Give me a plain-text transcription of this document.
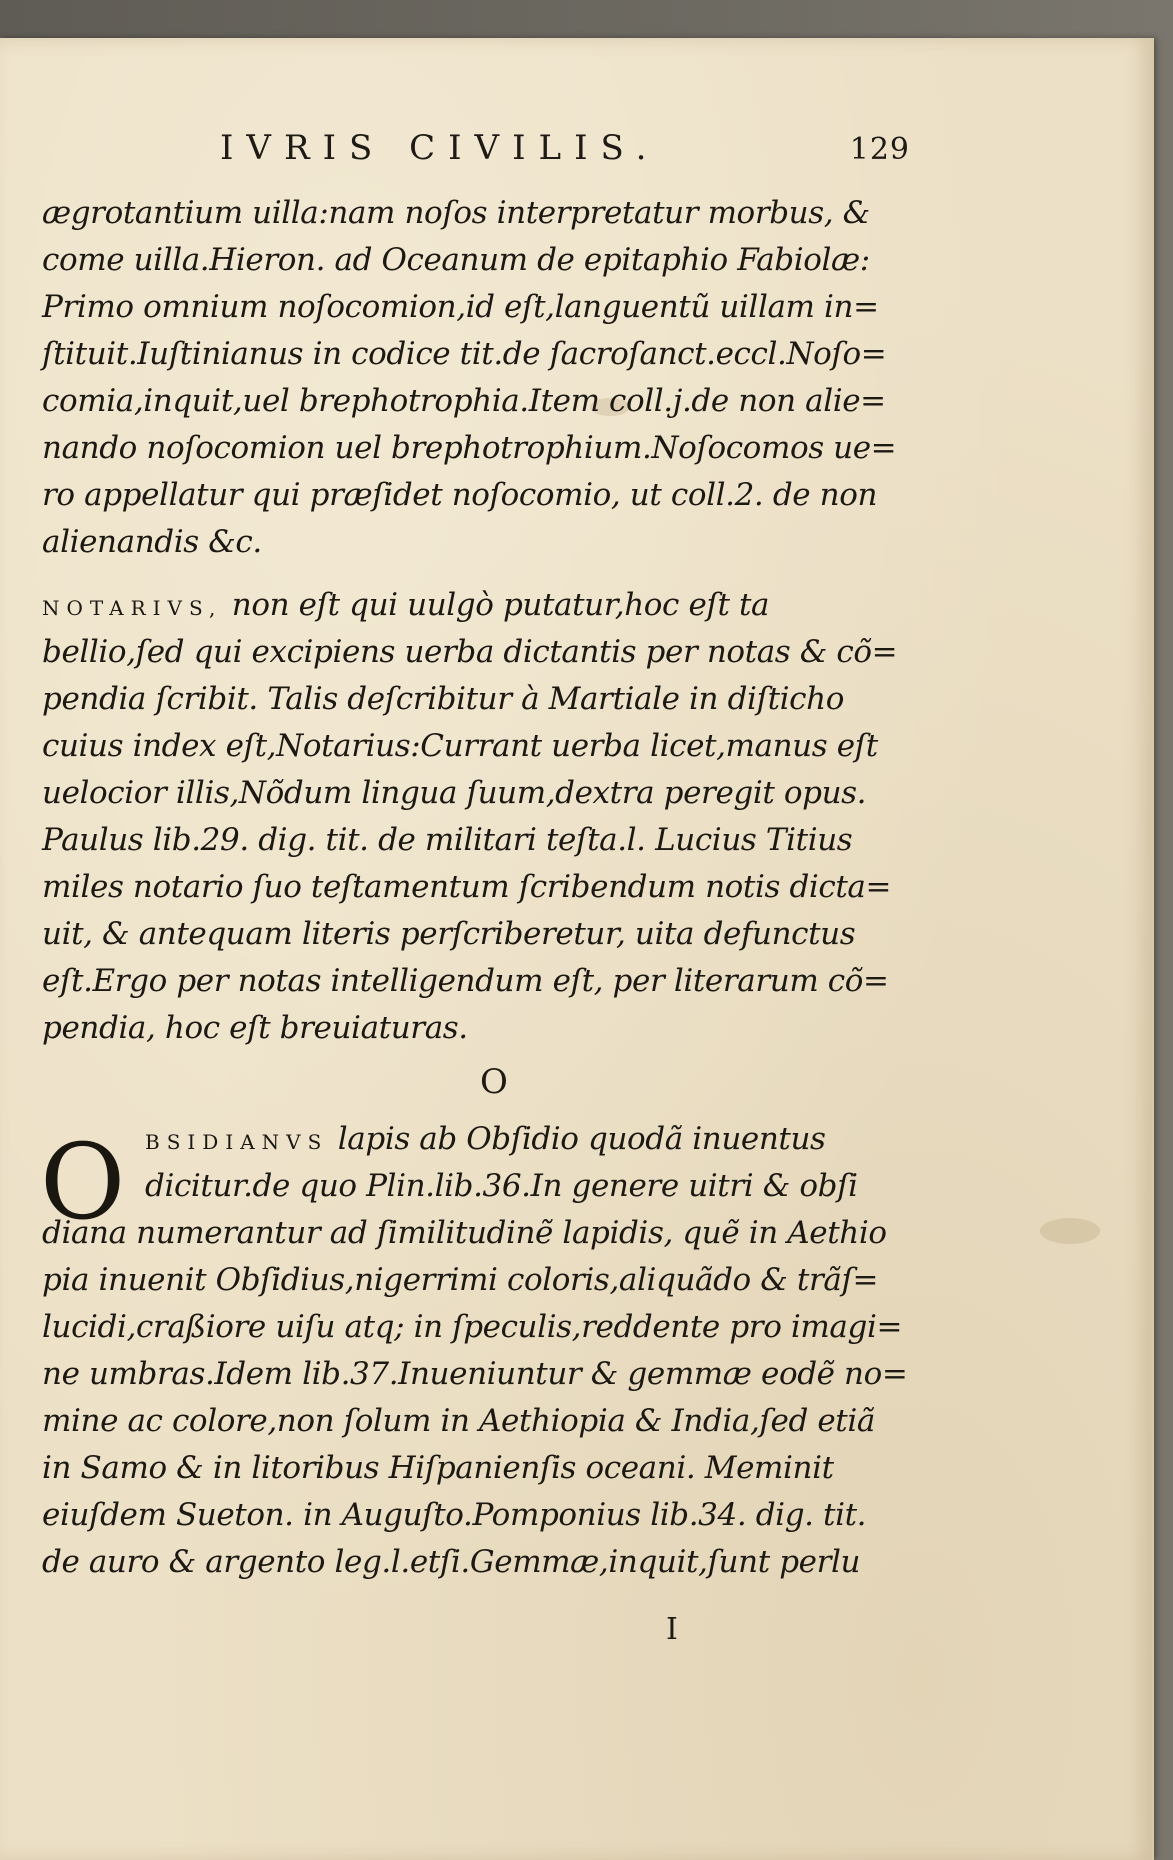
IVRIS CIVILIS.	129
ægrotantium uilla:nam noſos interpretatur morbus, &
come uilla.Hieron. ad Oceanum de epitaphio Fabiolæ:
Primo omnium noſocomion,id eſt,languentũ uillam in=
ſtituit.Iuſtinianus in codice tit.de ſacroſanct.eccl.Noſo=
comia,inquit,uel brephotrophia.Item coll.j.de non alie=
nando noſocomion uel brephotrophium.Noſocomos ue=
ro appellatur qui præſidet noſocomio, ut coll.2. de non
alienandis &c.
NOTARIVS, non eſt qui uulgò putatur,hoc eſt ta
bellio,ſed qui excipiens uerba dictantis per notas & cõ=
pendia ſcribit. Talis deſcribitur à Martiale in diſticho
cuius index eſt,Notarius:Currant uerba licet,manus eſt
uelocior illis,Nõdum lingua ſuum,dextra peregit opus.
Paulus lib.29. dig. tit. de militari teſta.l. Lucius Titius
miles notario ſuo teſtamentum ſcribendum notis dicta=
uit, & antequam literis perſcriberetur, uita defunctus
eſt.Ergo per notas intelligendum eſt, per literarum cõ=
pendia, hoc eſt breuiaturas.
O
O BSIDIANVS lapis ab Obſidio quodã inuentus
dicitur.de quo Plin.lib.36.In genere uitri & obſi
diana numerantur ad ſimilitudinẽ lapidis, quẽ in Aethio
pia inuenit Obſidius,nigerrimi coloris,aliquãdo & trãſ=
lucidi,craßiore uiſu atq; in ſpeculis,reddente pro imagi=
ne umbras.Idem lib.37.Inueniuntur & gemmæ eodẽ no=
mine ac colore,non ſolum in Aethiopia & India,ſed etiã
in Samo & in litoribus Hiſpanienſis oceani. Meminit
eiuſdem Sueton. in Auguſto.Pomponius lib.34. dig. tit.
de auro & argento leg.l.etſi.Gemmæ,inquit,ſunt perlu
I
